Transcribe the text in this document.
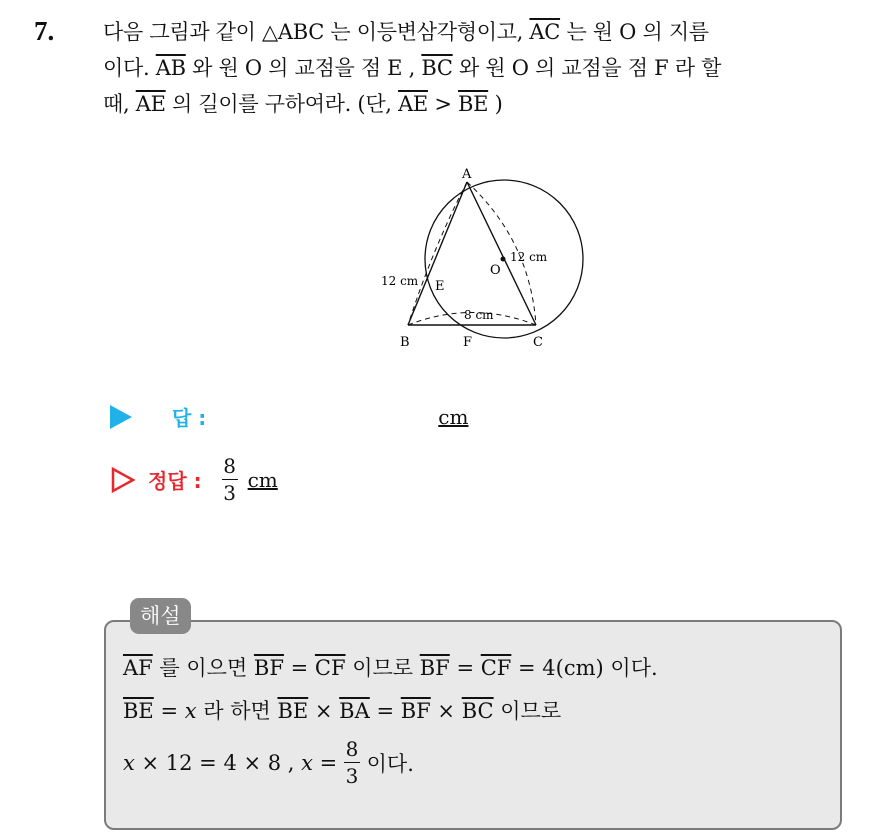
7. 다음 그림과 같이 △ABC 는 이등변삼각형이고, $\overline{AC}$ 는 원 O 의 지름
이다. $\overline{AB}$ 와 원 O 의 교점을 점 E , $\overline{BC}$ 와 원 O 의 교점을 점 F 라 할
때, $\overline{AE}$ 의 길이를 구하여라. (단, $\overline{AE} > \overline{BE}$ )
A
B	C
E
F
O
12 cm
12 cm
8 cm
답 :	cm
정답 : $\frac{8}{3}$ cm
해설
$\overline{AF}$ 를 이으면 $\overline{BF} = \overline{CF}$ 이므로 $\overline{BF} = \overline{CF} = 4(cm)$ 이다.
$\overline{BE} = x$ 라 하면 $\overline{BE} \times \overline{BA} = \overline{BF} \times \overline{BC}$ 이므로
x × 12 = 4 × 8 , $x = \frac{8}{3}$ 이다.
